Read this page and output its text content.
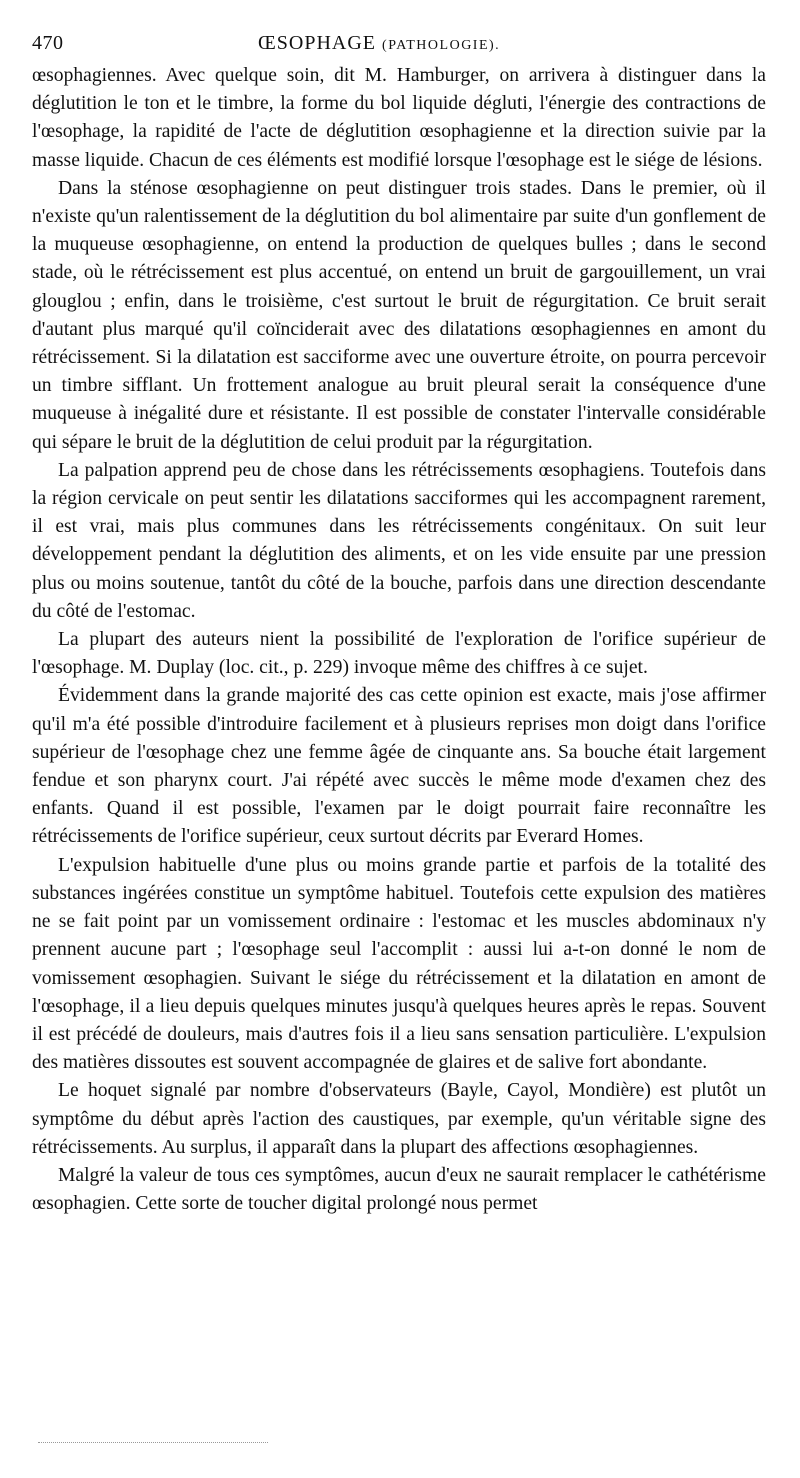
470	ŒSOPHAGE (PATHOLOGIE).

œsophagiennes. Avec quelque soin, dit M. Hamburger, on arrivera à distinguer dans la déglutition le ton et le timbre, la forme du bol liquide dégluti, l'énergie des contractions de l'œsophage, la rapidité de l'acte de déglutition œsophagienne et la direction suivie par la masse liquide. Chacun de ces éléments est modifié lorsque l'œsophage est le siége de lésions.

Dans la sténose œsophagienne on peut distinguer trois stades. Dans le premier, où il n'existe qu'un ralentissement de la déglutition du bol alimentaire par suite d'un gonflement de la muqueuse œsophagienne, on entend la production de quelques bulles ; dans le second stade, où le rétrécissement est plus accentué, on entend un bruit de gargouillement, un vrai glouglou ; enfin, dans le troisième, c'est surtout le bruit de régurgitation. Ce bruit serait d'autant plus marqué qu'il coïnciderait avec des dilatations œsophagiennes en amont du rétrécissement. Si la dilatation est sacciforme avec une ouverture étroite, on pourra percevoir un timbre sifflant. Un frottement analogue au bruit pleural serait la conséquence d'une muqueuse à inégalité dure et résistante. Il est possible de constater l'intervalle considérable qui sépare le bruit de la déglutition de celui produit par la régurgitation.

La palpation apprend peu de chose dans les rétrécissements œsophagiens. Toutefois dans la région cervicale on peut sentir les dilatations sacciformes qui les accompagnent rarement, il est vrai, mais plus communes dans les rétrécissements congénitaux. On suit leur développement pendant la déglutition des aliments, et on les vide ensuite par une pression plus ou moins soutenue, tantôt du côté de la bouche, parfois dans une direction descendante du côté de l'estomac.

La plupart des auteurs nient la possibilité de l'exploration de l'orifice supérieur de l'œsophage. M. Duplay (loc. cit., p. 229) invoque même des chiffres à ce sujet.

Évidemment dans la grande majorité des cas cette opinion est exacte, mais j'ose affirmer qu'il m'a été possible d'introduire facilement et à plusieurs reprises mon doigt dans l'orifice supérieur de l'œsophage chez une femme âgée de cinquante ans. Sa bouche était largement fendue et son pharynx court. J'ai répété avec succès le même mode d'examen chez des enfants. Quand il est possible, l'examen par le doigt pourrait faire reconnaître les rétrécissements de l'orifice supérieur, ceux surtout décrits par Everard Homes.

L'expulsion habituelle d'une plus ou moins grande partie et parfois de la totalité des substances ingérées constitue un symptôme habituel. Toutefois cette expulsion des matières ne se fait point par un vomissement ordinaire : l'estomac et les muscles abdominaux n'y prennent aucune part ; l'œsophage seul l'accomplit : aussi lui a-t-on donné le nom de vomissement œsophagien. Suivant le siége du rétrécissement et la dilatation en amont de l'œsophage, il a lieu depuis quelques minutes jusqu'à quelques heures après le repas. Souvent il est précédé de douleurs, mais d'autres fois il a lieu sans sensation particulière. L'expulsion des matières dissoutes est souvent accompagnée de glaires et de salive fort abondante.

Le hoquet signalé par nombre d'observateurs (Bayle, Cayol, Mondière) est plutôt un symptôme du début après l'action des caustiques, par exemple, qu'un véritable signe des rétrécissements. Au surplus, il apparaît dans la plupart des affections œsophagiennes.

Malgré la valeur de tous ces symptômes, aucun d'eux ne saurait remplacer le cathétérisme œsophagien. Cette sorte de toucher digital prolongé nous permet
